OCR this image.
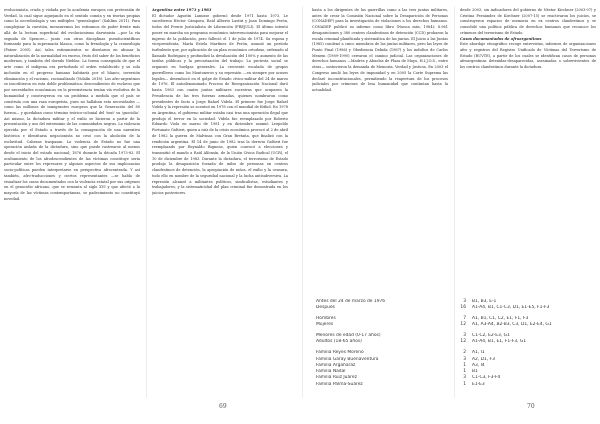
evolucionista, cruda y violada por la academia europea con pretensión de Verdad, la cual sigue aquejando en el sentido común y en teorías propias como la necrobiología y sus múltiples "genealogías" (Sahlins 2011). Para complejizar la cuestión, mensuremos los estiramos de poder frente más allá de la lectura superficial del evolucionismo darwinista —por la vía seguida de Spencer— junto con otras disciplinas pseudocientíficas formando para la supremacía blanca, como la frenología y la craneología (Patzer 2005). Así, tales estiramientos se diseñaron en abonar la naturalización de la normalidad en exceso, fruto del saber de los beneficios modernos, y también del dorado Nieblas. La forma conseguida de que el arte como el indígena era perturbado el orden establecido y su sola inclusión en el progreso humano habitaría por el blanco, inversión eliminación y el racismo, racionalizado (Vidalín 2018). Los afro-argentinos se inscribieron en esta doble problemática: descendientes de esclavos que por necesidades económicas en la preexistencia tenían vía evolutiva de la humanidad y construyeron en un problema a medida que el país se construía con una raza europeísta, pues no hallaban esta necesidades —como las millones de inmigrantes europeos que la Generación del 80 fueron— y quedaban como término teórico-colonial del 'tout' su 'gnocidio'. Así mismo, la dictadura militar y el exilio se hicieron a partir de la presentación y uso del exterminio de las comunidades negras. La violencia ejercida por el Estado a través de la consagración de una narrativa histórica e identitaria negacionista no cesó con la abolición de la esclavitud. Cabezas traspasan. La violencia de Estado no fue una operación aislada de la dictadura, sino que puede rastrearse al menos desde el inicio del estado nacional; 1876 durante la década 1973-83. El ocultamiento de los afrodescendientes de las víctimas constituye sería particular entre los represores y algunos aspectos de sus implicancias socio-políticas pueden interpretarse en perspectiva afrocentrada. Y así también, afro-traducciones y ciertos representantes —se habla de visualizar los casos documentados con la violencia estatal por sus orígenes en el genocidio africano, que se remonta al siglo XVI y que afectó a la mayoría de las víctimas contemporáneas, se padecimiento no constituyó novedad.

Argentina entre 1973 y 1983

El dictador Agustín Lanusse gobernó desde 1971 hasta 1973. Le sucedieron Héctor Cámpora, Raúl Alberto Lastiri y Juan Domingo Perón, todos del Frente Justicialista de Liberación (FREJULI). El último intentó poner en marcha un programa económico intervencionista para mejorar el ingreso de la población, pero falleció el 1 de julio de 1974. Su esposa y vicepresidenta, María Estela Martínez de Perón, asumió un período turbulento que, por aplicación de un plan económico ortodoxo, ordenado al llamado Rodrigazo y profundizó la devaluación del 100% y aumento de las tarifas públicas y la precarización del trabajo. La protesta social se organizó en huelgas generales. La creciente escalada de grupos guerrilleros como los Montoneros y su represión —en siempre por acuses legales— desembocó en el golpe de Estado cívico-militar del 24 de marzo de 1976. El autodenominado Proceso de Reorganización Nacional duró hasta 1983 con cuatro juntas militares sucesivas que ocuparon la Presidencia de las tres fuerzas armadas, quienes nombraron como presidentes de facto a Jorge Rafael Videla. El primero fue Jorge Rafael Videla y la represión se acentuó en 1978 con el mundial de fútbol. En 1978 en Argentina, el gobierno militar estaba casi tras una operación ilegal que produjo el terror en la sociedad. Videla fue reemplazado por Roberto Eduardo Viola en marzo de 1981 y en diciembre asumió Leopoldo Fortunato Galtieri, quien a raíz de la crisis económica provocó al 2 de abril de 1982 la guerra de Malvinas con Gran Bretaña, que finalizó con la rendición argentina. El 14 de junio de 1982 tras la derrota Galtieri fue reemplazado por Reynaldo Bignone, quien convocó a elecciones y transmitió el mando a Raúl Alfonsín, de la Unión Cívica Radical (UCR), el 10 de diciembre de 1983. Durante la dictadura, el terrorismo de Estado produjo la desaparición forzada de miles de personas en centros clandestinos de detención, la apropiación de niños, el exilio y la censura, todo ello en nombre de la seguridad nacional y la lucha antisubversiva. La represión alcanzó a militantes políticos, sindicalistas, estudiantes y trabajadores, y la sistematicidad del plan criminal fue demostrada en los juicios posteriores.

hasta a los dirigentes de las guerrillas como a las tres juntas militares, antes de crear la Comisión Nacional sobre la Desaparición de Personas (CONADEP) para la investigación de violaciones a los derechos humanos. CONADEP publicó su informe como libro (Nunca más, 1984): 8.961 desapariciones y 380 centros clandestinos de detención (CCD) probaron la escala criminal planificada y sistemática de las juntas. El Juicio a las Juntas (1985) condenó a cinco miembros de las juntas militares, pero las leyes de Punto Final (1986) y Obediencia Debida (1987) y los indultos de Carlos Menem (1989-1990) cerraron el camino judicial. Las organizaciones de derechos humanos —Madres y Abuelas de Plaza de Mayo, H.I.J.O.S., entre otras— sostuvieron la demanda de Memoria, Verdad y Justicia. En 2003 el Congreso anuló las leyes de impunidad y en 2005 la Corte Suprema las declaró inconstitucionales, permitiendo la reapertura de los procesos judiciales por crímenes de lesa humanidad que continúan hasta la actualidad.

desde 2003, sin indicadores del gobierno de Néstor Kirchner (2003-07) y Cristina Fernández de Kirchner (2007-15) se reactivaron los juicios, se construyeron espacios de memoria en ex centros clandestinos y se consolidó una política pública de derechos humanos que reconoce los crímenes del terrorismo de Estado.

Casos documentados de afroargentinos

Este abordaje etnográfico recoge entrevistas, informes de organizaciones afro y registros del Registro Unificado de Víctimas del Terrorismo de Estado (RUVTE), a partir de los cuales se identifican casos de personas afroargentinas detenidas-desaparecidas, asesinadas o sobrevivientes de los centros clandestinos durante la dictadura.

Antes del 24 de marzo de 1976	3	B1, B3, E-1
Después	16	A1-A4, B1, C1-C3, D1, E1-E5, F1-F3
Hombres	7	A1, B1, C1, C2, E1, F1, F3
Mujeres	12	A1, A3-A4, B2-B3, C3, D1, E2-E4, G1
Menores de edad (0-17 años)	3	C1-C2, E2-E3, G1
Adultos (18-65 años)	12	A1-A4, B1, E1, F1-F3, G1
Familia Reyes Moreno	2	A1, I1
Familia Garay Buenaventura	3	A2, D1, F3
Familia Argañaraz	1	A3, I4
Familia Nadal	1	B1
Familia Ruiz Juárez	3	C1-C3, F3-F4
Familia Palma-Suárez	1	E1-E3
69	70
